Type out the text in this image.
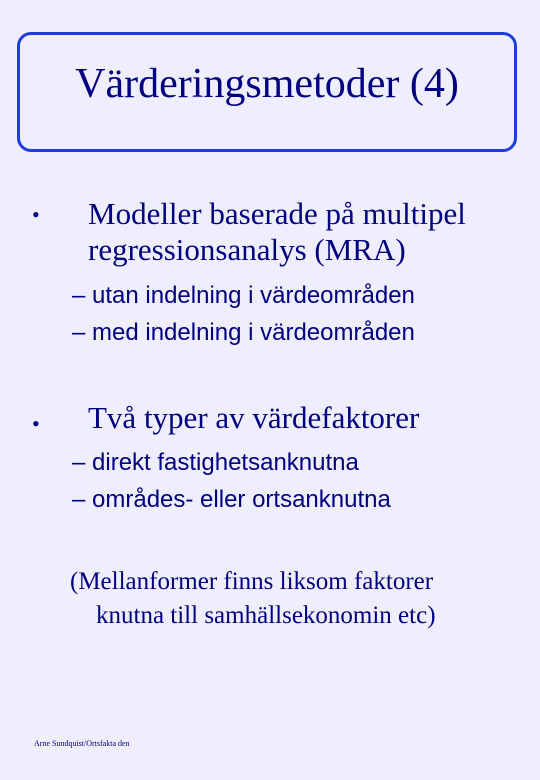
Värderingsmetoder (4)
• Modeller baserade på multipel
regressionsanalys (MRA)
– utan indelning i värdeområden
– med indelning i värdeområden
• Två typer av värdefaktorer
– direkt fastighetsanknutna
– områdes- eller ortsanknutna
(Mellanformer finns liksom faktorer
knutna till samhällsekonomin etc)
Arne Sundquist/Ortsfakta den
